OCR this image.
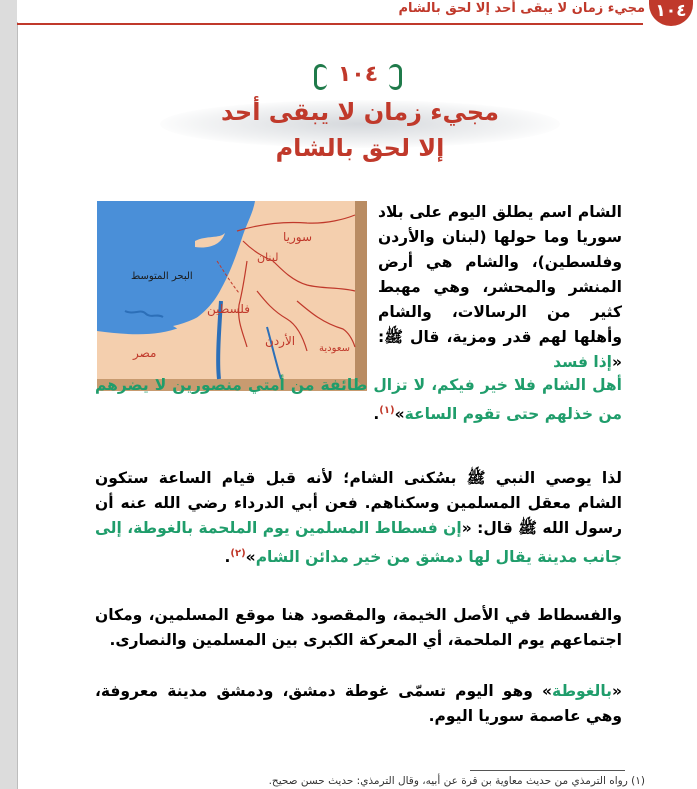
١٠٤
مجيء زمان لا يبقى أحد إلا لحق بالشام
١٠٤
مجيء زمان لا يبقى أحد
إلا لحق بالشام
البحر المتوسط
سوريا
لبنان
فلسطين
الأردن
سعودية
مصر

الشام اسم يطلق اليوم على بلاد سوريا وما حولها (لبنان والأردن وفلسطين)، والشام هي أرض المنشر والمحشر، وهي مهبط كثير من الرسالات، والشام وأهلها لهم قدر ومزية، قال ﷺ: «إذا فسد

أهل الشام فلا خير فيكم، لا تزال طائفة من أمتي منصورين لا يضرهم من خذلهم حتى تقوم الساعة»$^{(١)}$.

لذا يوصي النبي ﷺ بسُكنى الشام؛ لأنه قبل قيام الساعة ستكون الشام معقل المسلمين وسكناهم. فعن أبي الدرداء رضي الله عنه أن رسول الله ﷺ قال: «إن فسطاط المسلمين يوم الملحمة بالغوطة، إلى جانب مدينة يقال لها دمشق من خير مدائن الشام»$^{(٢)}$.

والفسطاط في الأصل الخيمة، والمقصود هنا موقع المسلمين، ومكان اجتماعهم يوم الملحمة، أي المعركة الكبرى بين المسلمين والنصارى.

«بالغوطة» وهو اليوم تسمّى غوطة دمشق، ودمشق مدينة معروفة، وهي عاصمة سوريا اليوم.

(١) رواه الترمذي من حديث معاوية بن قرة عن أبيه، وقال الترمذي: حديث حسن صحيح.
